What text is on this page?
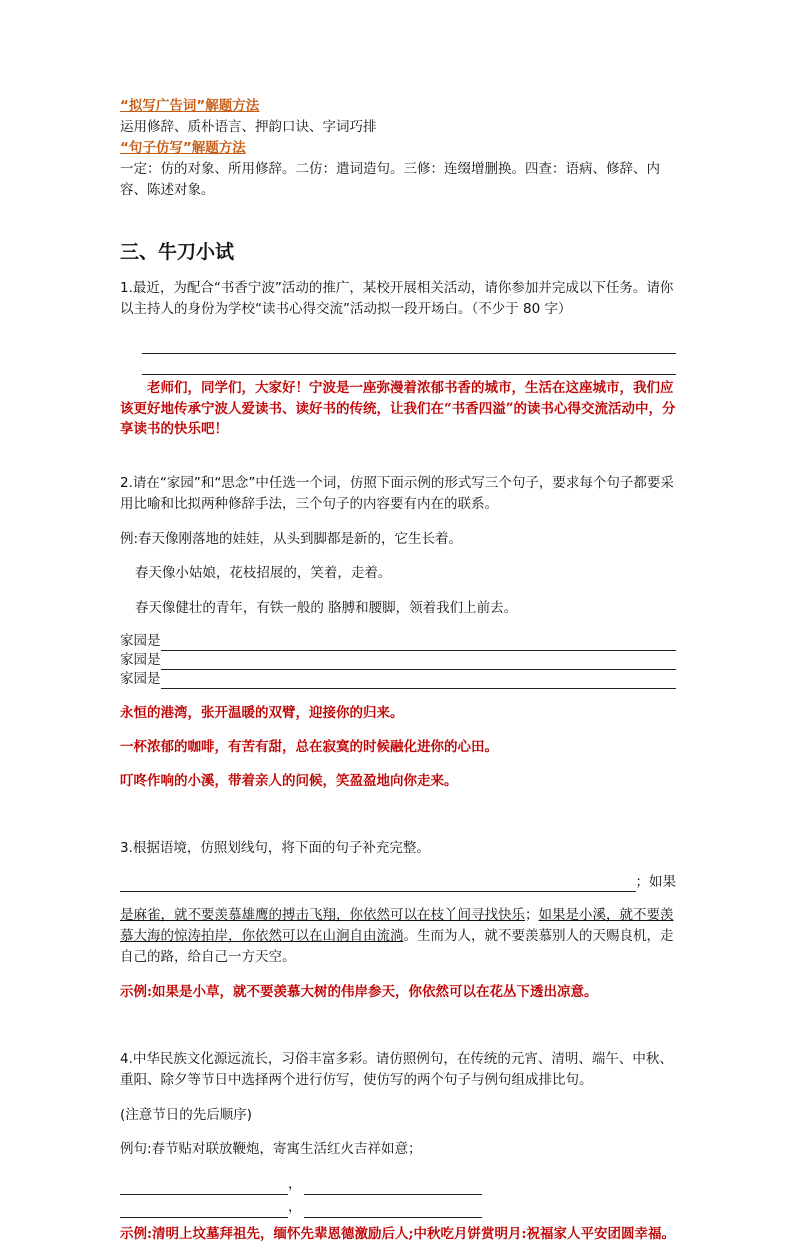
“拟写广告词”解题方法

运用修辞、质朴语言、押韵口诀、字词巧排

“句子仿写”解题方法

一定：仿的对象、所用修辞。二仿：遣词造句。三修：连缀增删换。四查：语病、修辞、内容、陈述对象。

三、牛刀小试

1.最近，为配合“书香宁波”活动的推广，某校开展相关活动，请你参加并完成以下任务。请你以主持人的身份为学校“读书心得交流”活动拟一段开场白。（不少于 80 字）

老师们，同学们，大家好！宁波是一座弥漫着浓郁书香的城市，生活在这座城市，我们应该更好地传承宁波人爱读书、读好书的传统，让我们在“书香四溢”的读书心得交流活动中，分享读书的快乐吧！

2.请在“家园”和“思念”中任选一个词，仿照下面示例的形式写三个句子，要求每个句子都要采用比喻和比拟两种修辞手法，三个句子的内容要有内在的联系。

例:春天像刚落地的娃娃，从头到脚都是新的，它生长着。

春天像小姑娘，花枝招展的，笑着，走着。

春天像健壮的青年，有铁一般的 胳膊和腰脚，领着我们上前去。

家园是
家园是
家园是

永恒的港湾，张开温暖的双臂，迎接你的归来。

一杯浓郁的咖啡，有苦有甜，总在寂寞的时候融化进你的心田。

叮咚作响的小溪，带着亲人的问候，笑盈盈地向你走来。

3.根据语境，仿照划线句，将下面的句子补充完整。

；如果

是麻雀，就不要羡慕雄鹰的搏击飞翔，你依然可以在枝丫间寻找快乐；如果是小溪，就不要羡慕大海的惊涛拍岸，你依然可以在山涧自由流淌。生而为人，就不要羡慕别人的天赐良机，走自己的路，给自己一方天空。

示例:如果是小草，就不要羡慕大树的伟岸参天，你依然可以在花丛下透出凉意。

4.中华民族文化源远流长，习俗丰富多彩。请仿照例句，在传统的元宵、清明、端午、中秋、重阳、除夕等节日中选择两个进行仿写，使仿写的两个句子与例句组成排比句。

(注意节日的先后顺序)

例句:春节贴对联放鞭炮，寄寓生活红火吉祥如意；

，
，

示例:清明上坟墓拜祖先，缅怀先辈恩德激励后人;中秋吃月饼赏明月:祝福家人平安团圆幸福。
